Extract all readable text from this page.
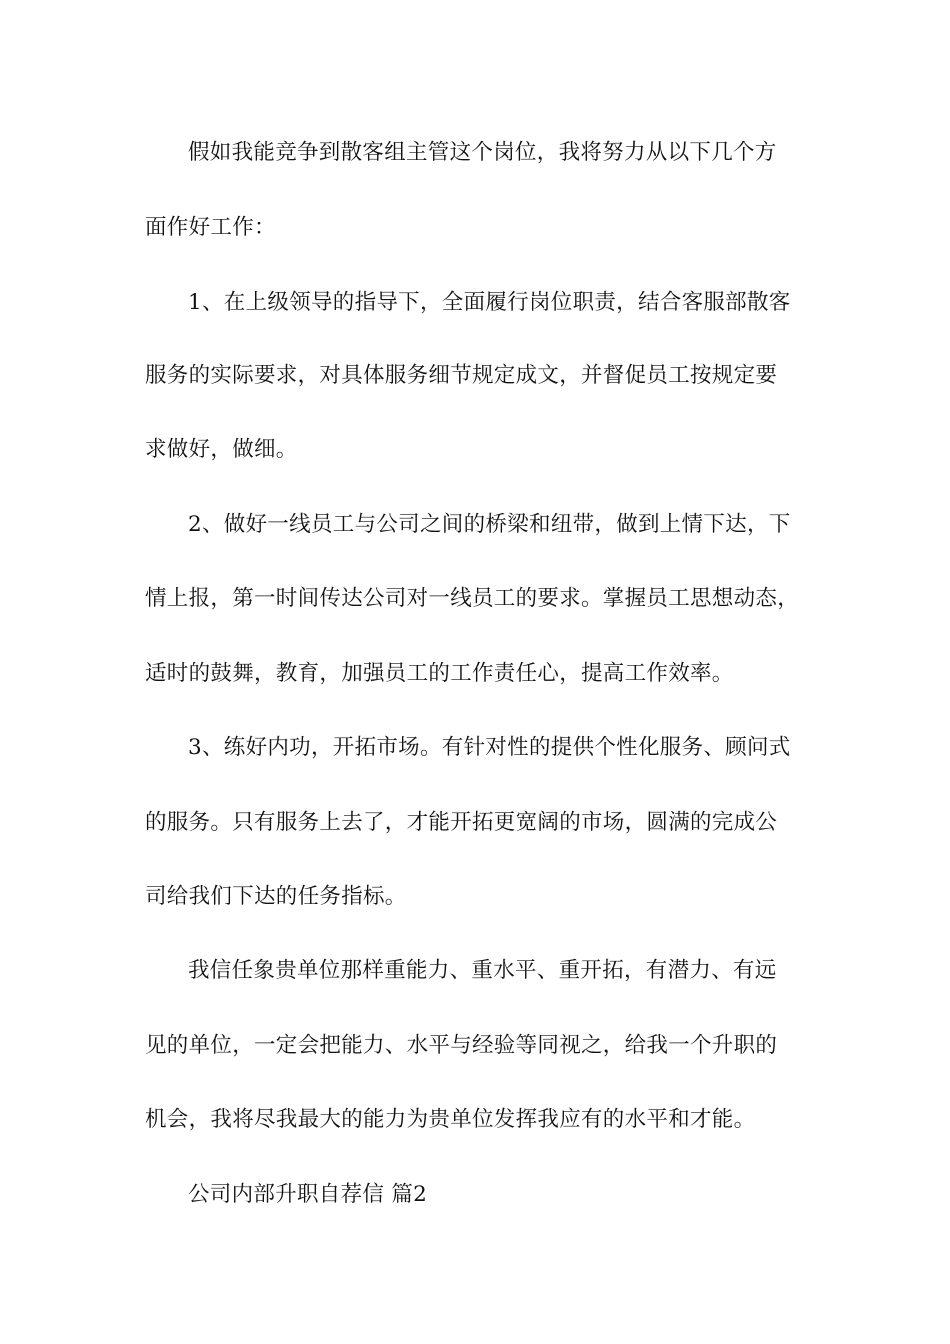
假如我能竞争到散客组主管这个岗位，我将努力从以下几个方

面作好工作：

1、在上级领导的指导下，全面履行岗位职责，结合客服部散客

服务的实际要求，对具体服务细节规定成文，并督促员工按规定要

求做好，做细。

2、做好一线员工与公司之间的桥梁和纽带，做到上情下达，下

情上报，第一时间传达公司对一线员工的要求。掌握员工思想动态，

适时的鼓舞，教育，加强员工的工作责任心，提高工作效率。

3、练好内功，开拓市场。有针对性的提供个性化服务、顾问式

的服务。只有服务上去了，才能开拓更宽阔的市场，圆满的完成公

司给我们下达的任务指标。

我信任象贵单位那样重能力、重水平、重开拓，有潜力、有远

见的单位，一定会把能力、水平与经验等同视之，给我一个升职的

机会，我将尽我最大的能力为贵单位发挥我应有的水平和才能。

公司内部升职自荐信 篇2
